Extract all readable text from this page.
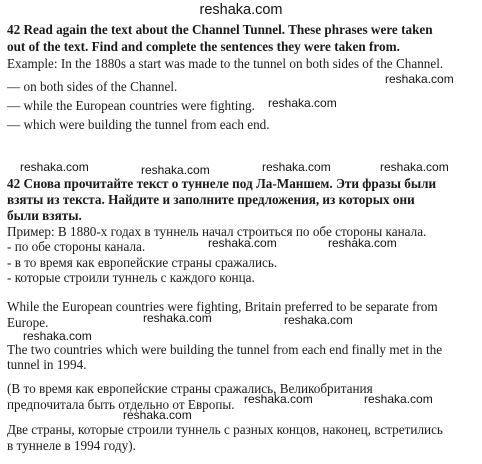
reshaka.com
42 Read again the text about the Channel Tunnel. These phrases were taken
out of the text. Find and complete the sentences they were taken from.
Example: In the 1880s a start was made to the tunnel on both sides of the Channel.
— on both sides of the Channel.
— while the European countries were fighting.
— which were building the tunnel from each end.
42 Снова прочитайте текст о туннеле под Ла-Маншем. Эти фразы были
взяты из текста. Найдите и заполните предложения, из которых они
были взяты.
Пример: В 1880-х годах в туннель начал строиться по обе стороны канала.
- по обе стороны канала.
- в то время как европейские страны сражались.
- которые строили туннель с каждого конца.
While the European countries were fighting, Britain preferred to be separate from
Europe.
The two countries which were building the tunnel from each end finally met in the
tunnel in 1994.
(В то время как европейские страны сражались, Великобритания
предпочитала быть отдельно от Европы.
Две страны, которые строили туннель с разных концов, наконец, встретились
в туннеле в 1994 году).
reshaka.com
reshaka.com
reshaka.com	reshaka.com	reshaka.com	reshaka.com
reshaka.com	reshaka.com
reshaka.com	reshaka.com
reshaka.com
reshaka.com	reshaka.com
reshaka.com
